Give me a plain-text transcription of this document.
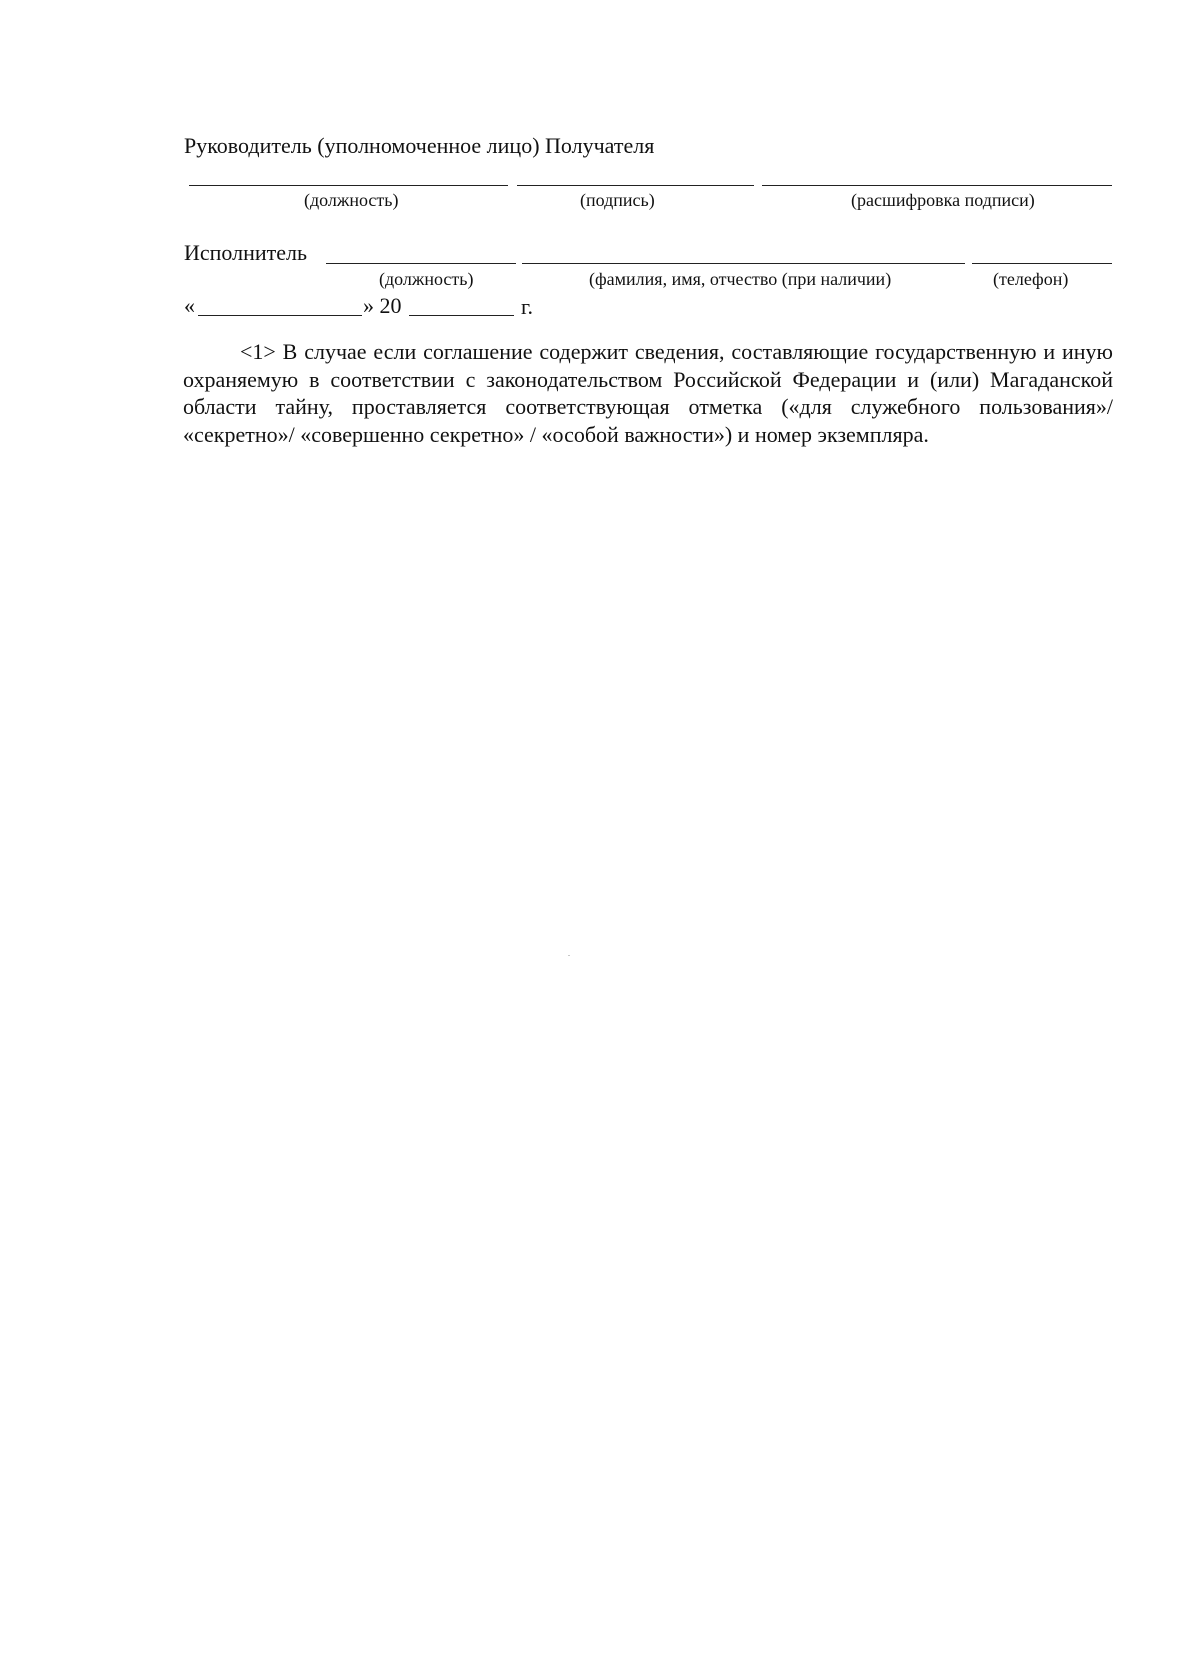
Руководитель (уполномоченное лицо) Получателя
(должность)	(подпись)	(расшифровка подписи)
Исполнитель
(должность)	(фамилия, имя, отчество (при наличии)	(телефон)
«	» 20	г.
<1> В случае если соглашение содержит сведения, составляющие государственную и иную охраняемую в соответствии с законодательством Российской Федерации и (или) Магаданской области тайну, проставляется соответствующая отметка («для служебного пользования»/ «секретно»/ «совершенно секретно» / «особой важности») и номер экземпляра.
